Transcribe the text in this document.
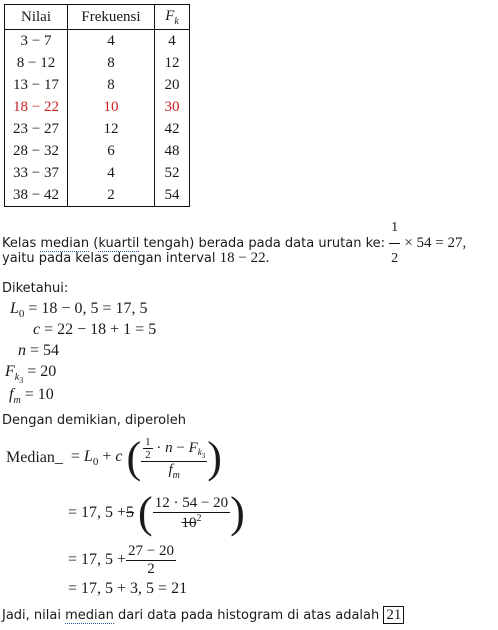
Nilai	Frekuensi	$F_k$
3 − 7	4	4
8 − 12	8	12
13 − 17	8	20
18 − 22	10	30
23 − 27	12	42
28 − 32	6	48
33 − 37	4	52
38 − 42	2	54
Kelas median (kuartil tengah) berada pada data urutan ke: $\frac{1}{2} \times 54 = 27$,
yaitu pada kelas dengan interval 18 − 22.
Diketahui:
$L_0 = 18 - 0$, 5 = 17, 5
c = 22 − 18 + 1 = 5
n = 54
$F_{k_3} = 20$
$f_m = 10$
Dengan demikian, diperoleh
Median _ = $L_0 + c$ ( $\frac{\frac{1}{2} \cdot n - F_{k_3}}{f_m}$ )
= 17, 5 + 5
( $\frac{12 \cdot 54 - 20}{10^2}$ )
= 17, $5 + \frac{27 - 20}{2}$
= 17, 5 + 3, 5 = 21
Jadi, nilai median dari data pada histogram di atas adalah 21
